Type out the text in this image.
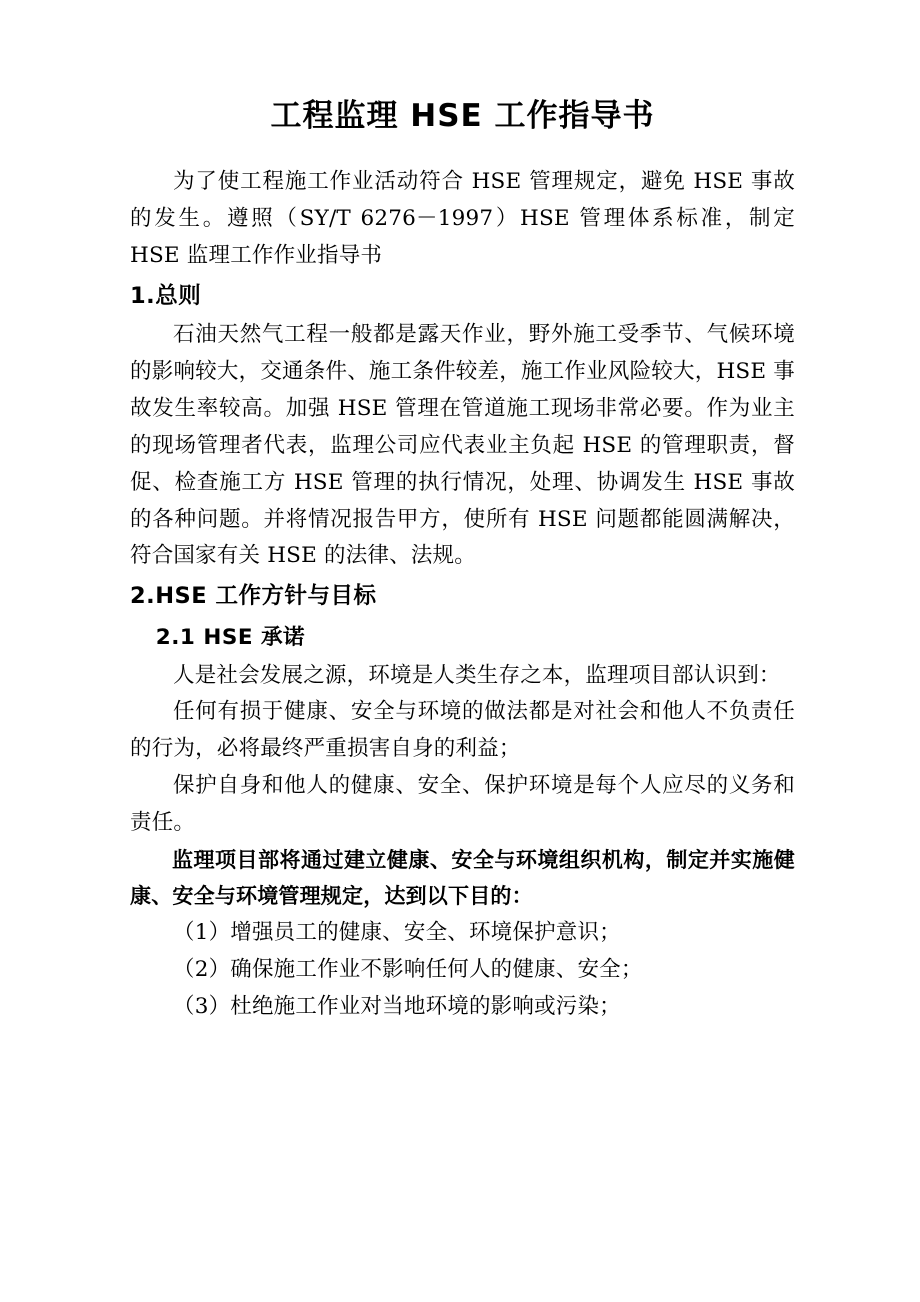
工程监理 HSE 工作指导书

为了使工程施工作业活动符合 HSE 管理规定，避免 HSE 事故的发生。遵照（SY/T 6276－1997）HSE 管理体系标准，制定 HSE 监理工作作业指导书

1.总则

石油天然气工程一般都是露天作业，野外施工受季节、气候环境的影响较大，交通条件、施工条件较差，施工作业风险较大，HSE 事故发生率较高。加强 HSE 管理在管道施工现场非常必要。作为业主的现场管理者代表，监理公司应代表业主负起 HSE 的管理职责，督促、检查施工方 HSE 管理的执行情况，处理、协调发生 HSE 事故的各种问题。并将情况报告甲方，使所有 HSE 问题都能圆满解决，符合国家有关 HSE 的法律、法规。

2.HSE 工作方针与目标
2.1 HSE 承诺

人是社会发展之源，环境是人类生存之本，监理项目部认识到：

任何有损于健康、安全与环境的做法都是对社会和他人不负责任的行为，必将最终严重损害自身的利益；

保护自身和他人的健康、安全、保护环境是每个人应尽的义务和责任。

监理项目部将通过建立健康、安全与环境组织机构，制定并实施健康、安全与环境管理规定，达到以下目的：

（1）增强员工的健康、安全、环境保护意识；

（2）确保施工作业不影响任何人的健康、安全；

（3）杜绝施工作业对当地环境的影响或污染；
